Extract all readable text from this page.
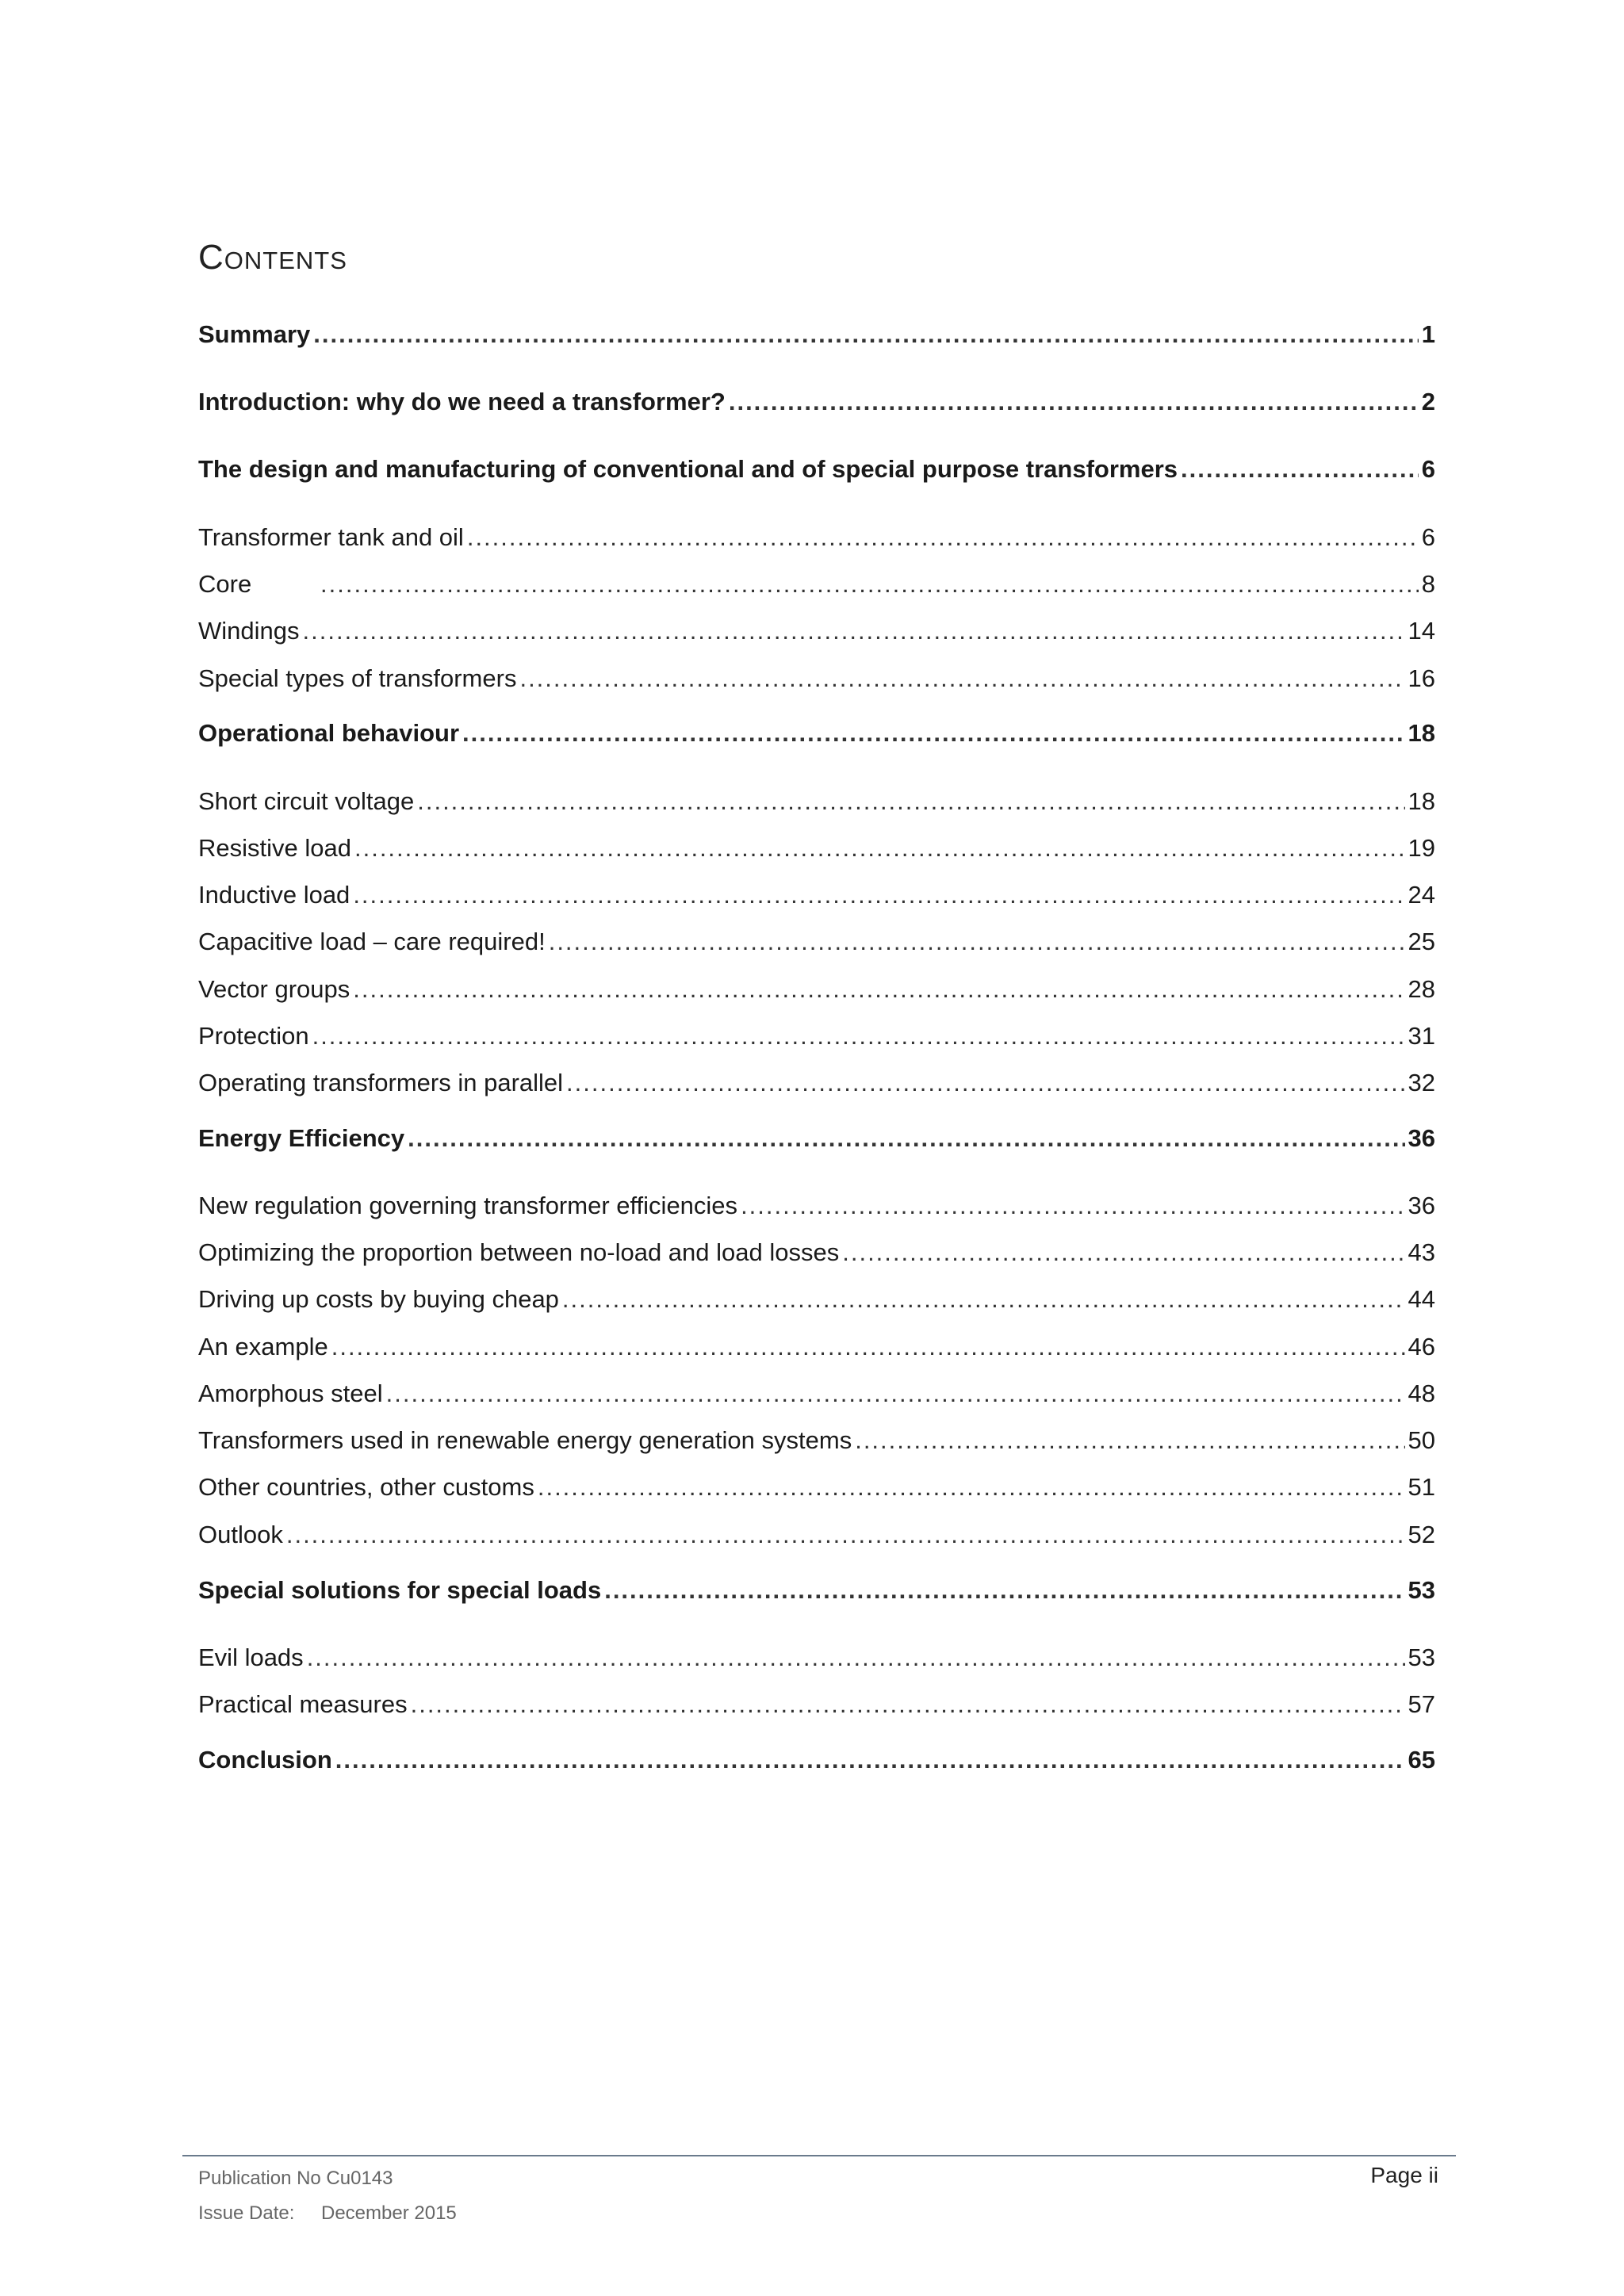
Contents
Summary .....	1
Introduction: why do we need a transformer? .....	2
The design and manufacturing of conventional and of special purpose transformers .....	6
Transformer tank and oil .....	6
Core .....	8
Windings .....	14
Special types of transformers .....	16
Operational behaviour .....	18
Short circuit voltage .....	18
Resistive load .....	19
Inductive load .....	24
Capacitive load – care required! .....	25
Vector groups .....	28
Protection .....	31
Operating transformers in parallel .....	32
Energy Efficiency .....	36
New regulation governing transformer efficiencies .....	36
Optimizing the proportion between no-load and load losses .....	43
Driving up costs by buying cheap .....	44
An example .....	46
Amorphous steel .....	48
Transformers used in renewable energy generation systems .....	50
Other countries, other customs .....	51
Outlook .....	52
Special solutions for special loads .....	53
Evil loads .....	53
Practical measures .....	57
Conclusion .....	65
Publication No Cu0143
Issue Date: December 2015
Page ii
